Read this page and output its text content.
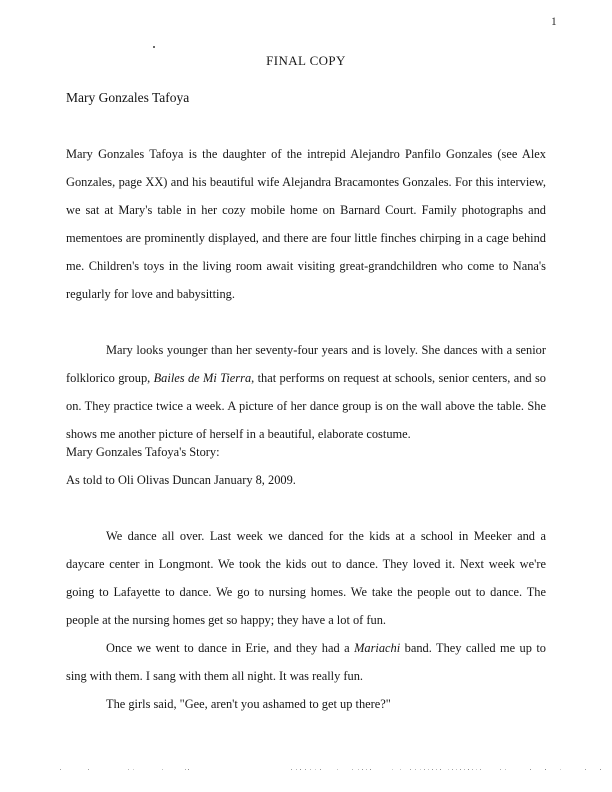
1
FINAL COPY
Mary Gonzales Tafoya

Mary Gonzales Tafoya is the daughter of the intrepid Alejandro Panfilo Gonzales (see Alex Gonzales, page XX) and his beautiful wife Alejandra Bracamontes Gonzales. For this interview, we sat at Mary's table in her cozy mobile home on Barnard Court. Family photographs and mementoes are prominently displayed, and there are four little finches chirping in a cage behind me. Children's toys in the living room await visiting great-grandchildren who come to Nana's regularly for love and babysitting.

Mary looks younger than her seventy-four years and is lovely. She dances with a senior folklorico group, Bailes de Mi Tierra, that performs on request at schools, senior centers, and so on. They practice twice a week. A picture of her dance group is on the wall above the table. She shows me another picture of herself in a beautiful, elaborate costume.

Mary Gonzales Tafoya's Story:

As told to Oli Olivas Duncan January 8, 2009.

We dance all over. Last week we danced for the kids at a school in Meeker and a daycare center in Longmont. We took the kids out to dance. They loved it. Next week we're going to Lafayette to dance. We go to nursing homes. We take the people out to dance. The people at the nursing homes get so happy; they have a lot of fun.

Once we went to dance in Erie, and they had a Mariachi band. They called me up to sing with them. I sang with them all night. It was really fun.

The girls said, "Gee, aren't you ashamed to get up there?"
